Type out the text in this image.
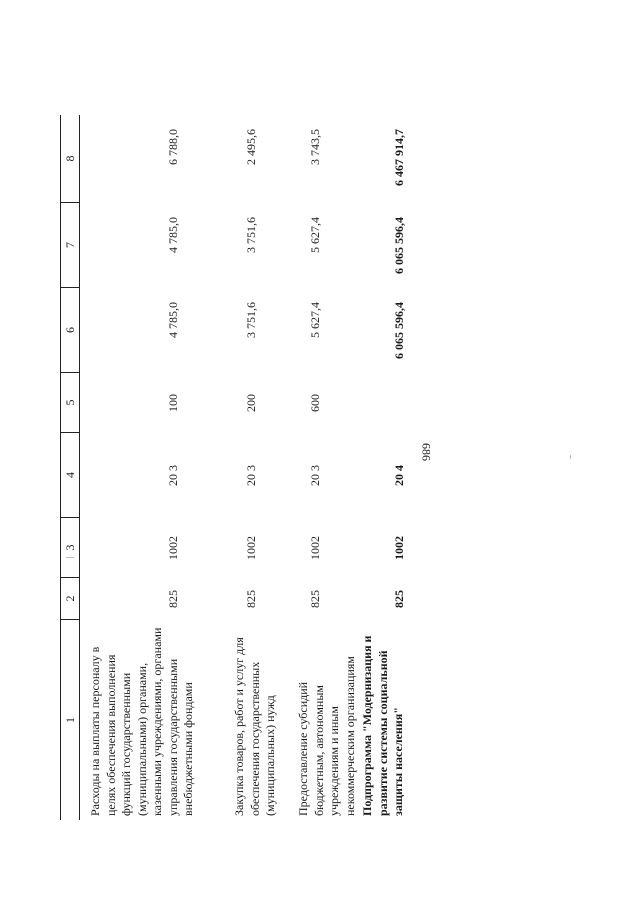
686
1
2
3
4
5
6
7
8
Расходы на выплаты персоналу в целях обеспечения выполнения функций государственными (муниципальными) органами, казенными учреждениями, органами управления государственными внебюджетными фондами
825
1002
20 3
100
4 785,0
4 785,0
6 788,0
Закупка товаров, работ и услуг для обеспечения государственных (муниципальных) нужд
825
1002
20 3
200
3 751,6
3 751,6
2 495,6
Предоставление субсидий бюджетным, автономным учреждениям и иным некоммерческим организациям
825
1002
20 3
600
5 627,4
5 627,4
3 743,5
Подпрограмма "Модернизация и развитие системы социальной защиты населения"
825
1002
20 4
6 065 596,4
6 065 596,4
6 467 914,7
